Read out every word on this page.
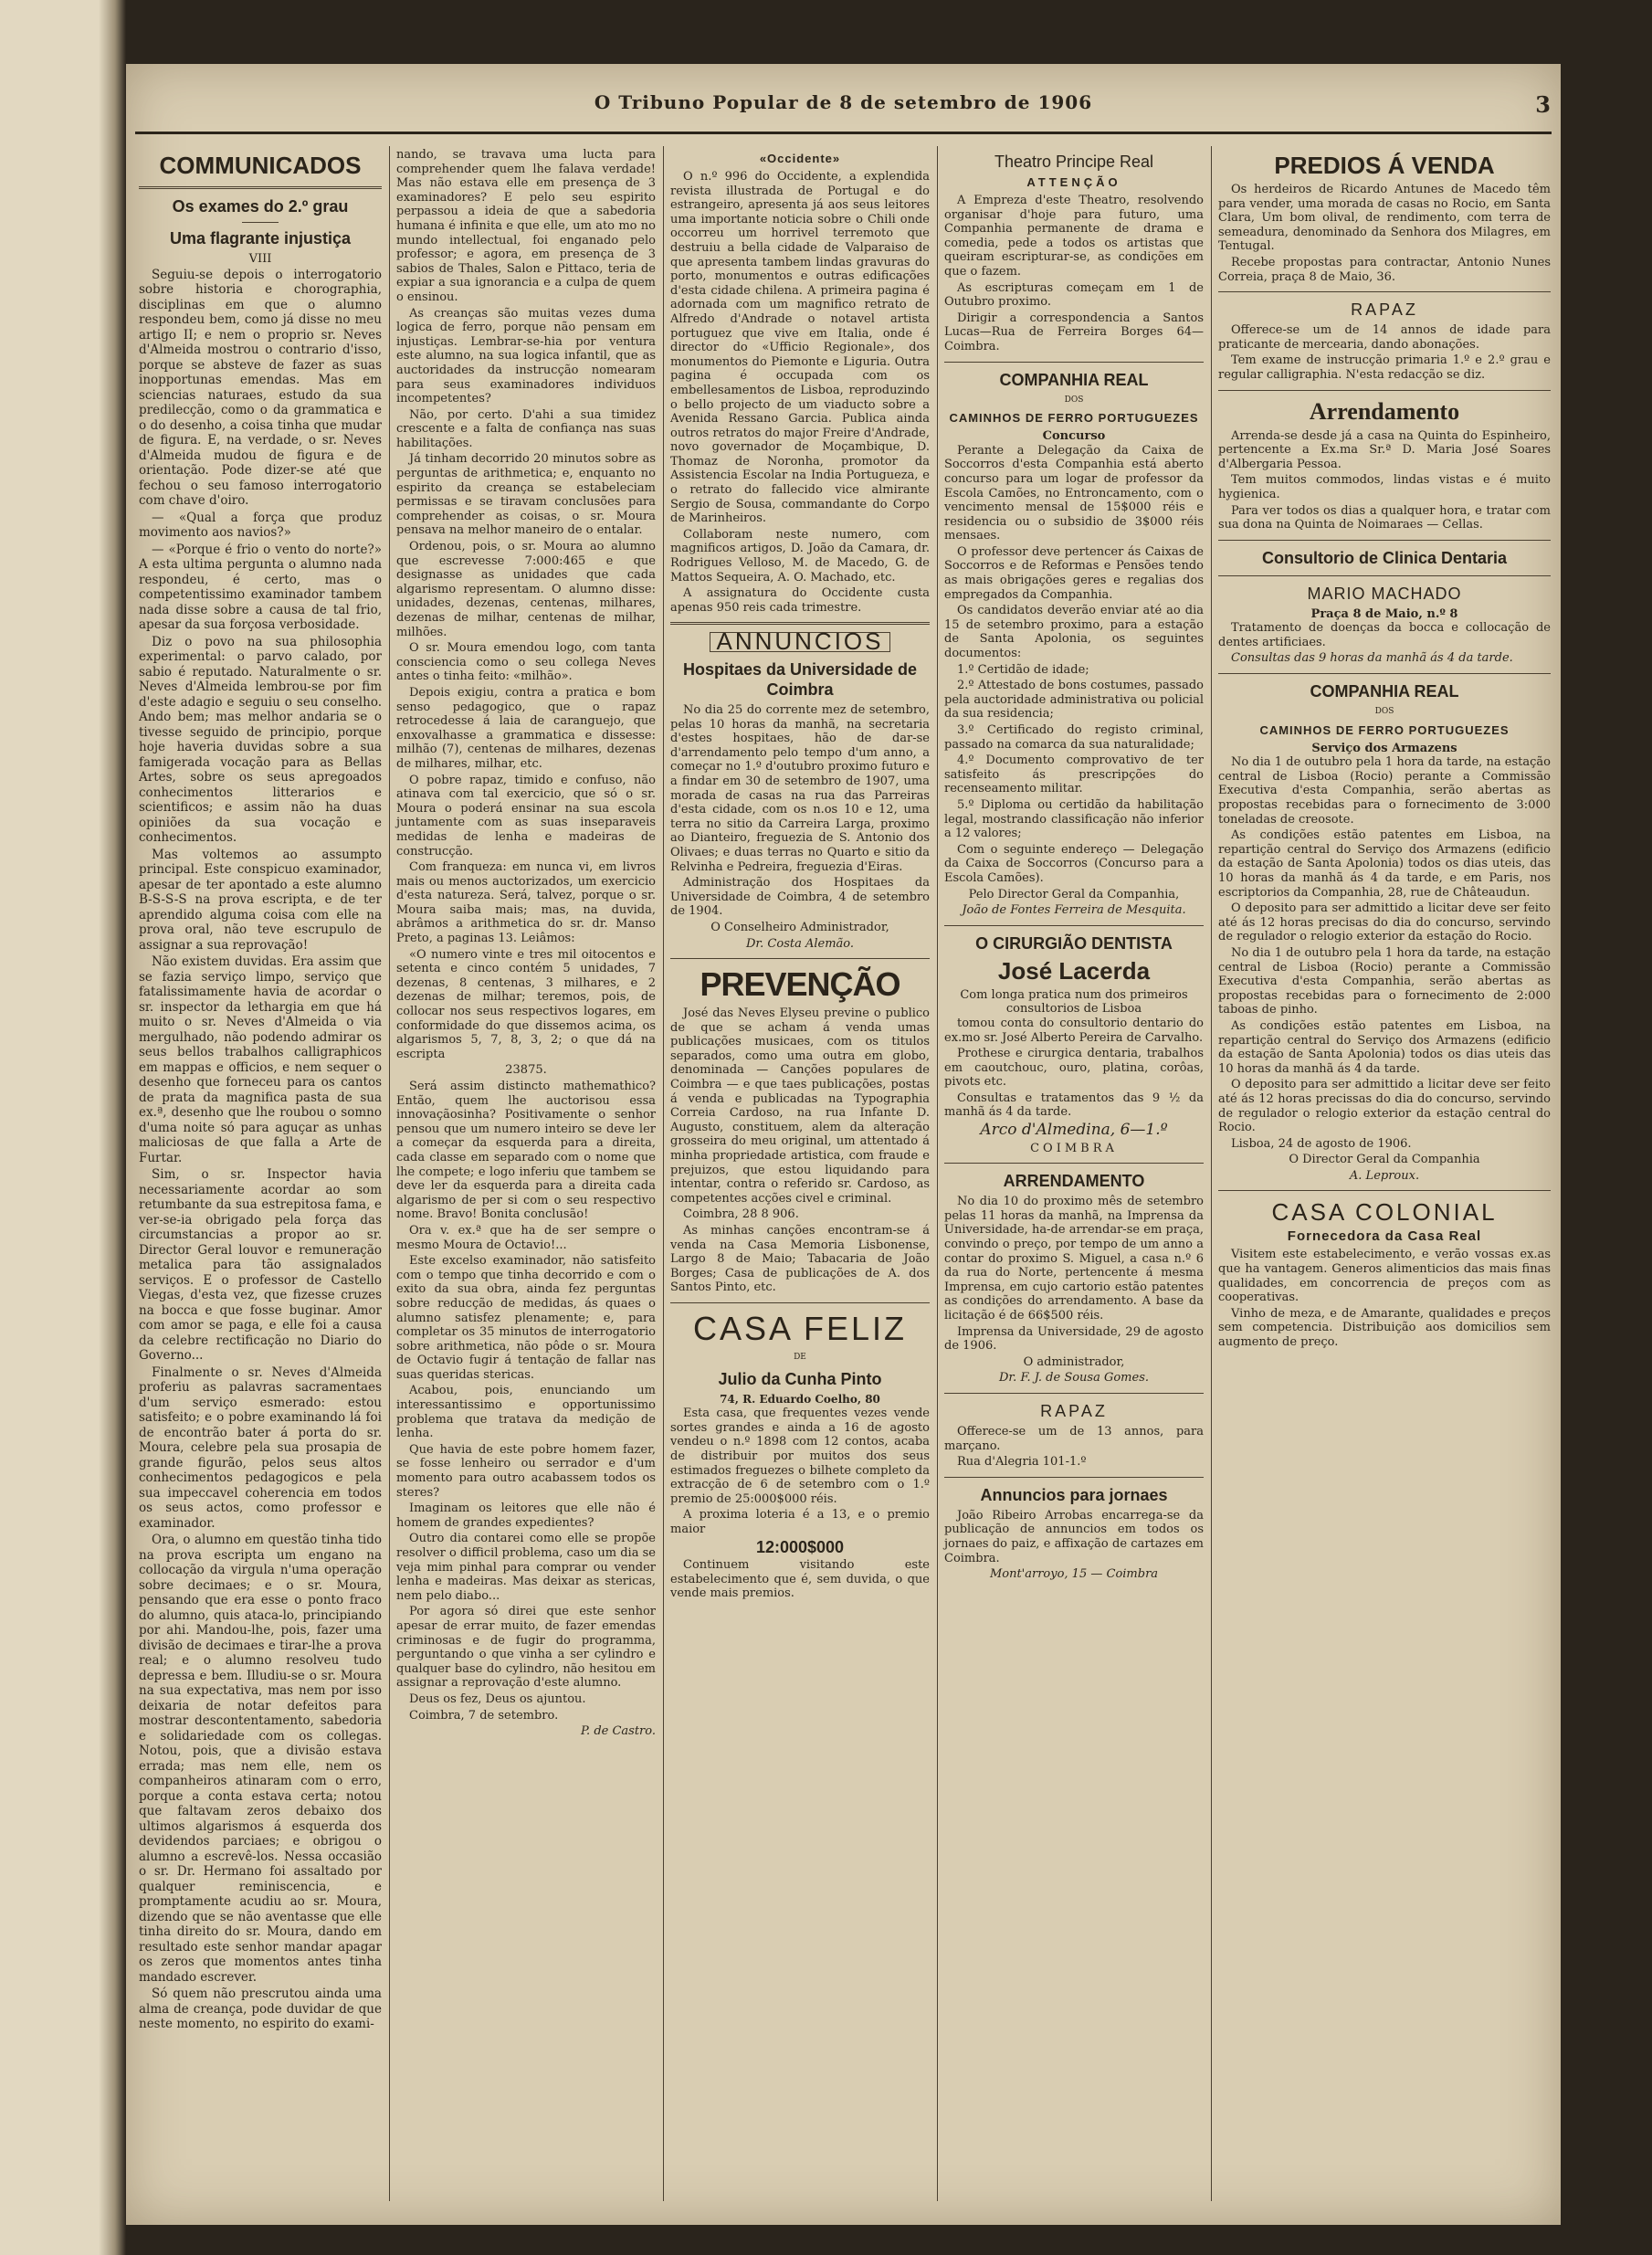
O Tribuno Popular de 8 de setembro de 1906	3
COMMUNICADOS
Os exames do 2.º grau
Uma flagrante injustiça
VIII

Seguiu-se depois o interrogatorio sobre historia e chorographia, disciplinas em que o alumno respondeu bem, como já disse no meu artigo II; e nem o proprio sr. Neves d'Almeida mostrou o contrario d'isso, porque se absteve de fazer as suas inopportunas emendas. Mas em sciencias naturaes, estudo da sua predilecção, como o da grammatica e o do desenho, a coisa tinha que mudar de figura. E, na verdade, o sr. Neves d'Almeida mudou de figura e de orientação. Pode dizer-se até que fechou o seu famoso interrogatorio com chave d'oiro.

— «Qual a força que produz movimento aos navios?»

— «Porque é frio o vento do norte?» A esta ultima pergunta o alumno nada respondeu, é certo, mas o competentissimo examinador tambem nada disse sobre a causa de tal frio, apesar da sua forçosa verbosidade.

Diz o povo na sua philosophia experimental: o parvo calado, por sabio é reputado. Naturalmente o sr. Neves d'Almeida lembrou-se por fim d'este adagio e seguiu o seu conselho. Ando bem; mas melhor andaria se o tivesse seguido de principio, porque hoje haveria duvidas sobre a sua famigerada vocação para as Bellas Artes, sobre os seus apregoados conhecimentos litterarios e scientificos; e assim não ha duas opiniões da sua vocação e conhecimentos.

Mas voltemos ao assumpto principal. Este conspicuo examinador, apesar de ter apontado a este alumno B-S-S-S na prova escripta, e de ter aprendido alguma coisa com elle na prova oral, não teve escrupulo de assignar a sua reprovação!

Não existem duvidas. Era assim que se fazia serviço limpo, serviço que fatalissimamente havia de acordar o sr. inspector da lethargia em que há muito o sr. Neves d'Almeida o via mergulhado, não podendo admirar os seus bellos trabalhos calligraphicos em mappas e officios, e nem sequer o desenho que forneceu para os cantos de prata da magnifica pasta de sua ex.ª, desenho que lhe roubou o somno d'uma noite só para aguçar as unhas maliciosas de que falla a Arte de Furtar.

Sim, o sr. Inspector havia necessariamente acordar ao som retumbante da sua estrepitosa fama, e ver-se-ia obrigado pela força das circumstancias a propor ao sr. Director Geral louvor e remuneração metalica para tão assignalados serviços. E o professor de Castello Viegas, d'esta vez, que fizesse cruzes na bocca e que fosse buginar. Amor com amor se paga, e elle foi a causa da celebre rectificação no Diario do Governo...

Finalmente o sr. Neves d'Almeida proferiu as palavras sacramentaes d'um serviço esmerado: estou satisfeito; e o pobre examinando lá foi de encontrão bater á porta do sr. Moura, celebre pela sua prosapia de grande figurão, pelos seus altos conhecimentos pedagogicos e pela sua impeccavel coherencia em todos os seus actos, como professor e examinador.

Ora, o alumno em questão tinha tido na prova escripta um engano na collocação da virgula n'uma operação sobre decimaes; e o sr. Moura, pensando que era esse o ponto fraco do alumno, quis ataca-lo, principiando por ahi. Mandou-lhe, pois, fazer uma divisão de decimaes e tirar-lhe a prova real; e o alumno resolveu tudo depressa e bem. Illudiu-se o sr. Moura na sua expectativa, mas nem por isso deixaria de notar defeitos para mostrar descontentamento, sabedoria e solidariedade com os collegas. Notou, pois, que a divisão estava errada; mas nem elle, nem os companheiros atinaram com o erro, porque a conta estava certa; notou que faltavam zeros debaixo dos ultimos algarismos á esquerda dos devidendos parciaes; e obrigou o alumno a escrevê-los. Nessa occasião o sr. Dr. Hermano foi assaltado por qualquer reminiscencia, e promptamente acudiu ao sr. Moura, dizendo que se não aventasse que elle tinha direito do sr. Moura, dando em resultado este senhor mandar apagar os zeros que momentos antes tinha mandado escrever.

Só quem não prescrutou ainda uma alma de creança, pode duvidar de que neste momento, no espirito do exami-

nando, se travava uma lucta para comprehender quem lhe falava verdade! Mas não estava elle em presença de 3 examinadores? E pelo seu espirito perpassou a ideia de que a sabedoria humana é infinita e que elle, um ato mo no mundo intellectual, foi enganado pelo professor; e agora, em presença de 3 sabios de Thales, Salon e Pittaco, teria de expiar a sua ignorancia e a culpa de quem o ensinou.

As creanças são muitas vezes duma logica de ferro, porque não pensam em injustiças. Lembrar-se-hia por ventura este alumno, na sua logica infantil, que as auctoridades da instrucção nomearam para seus examinadores individuos incompetentes?

Não, por certo. D'ahi a sua timidez crescente e a falta de confiança nas suas habilitações.

Já tinham decorrido 20 minutos sobre as perguntas de arithmetica; e, enquanto no espirito da creança se estabeleciam permissas e se tiravam conclusões para comprehender as coisas, o sr. Moura pensava na melhor maneiro de o entalar.

Ordenou, pois, o sr. Moura ao alumno que escrevesse 7:000:465 e que designasse as unidades que cada algarismo representam. O alumno disse: unidades, dezenas, centenas, milhares, dezenas de milhar, centenas de milhar, milhões.

O sr. Moura emendou logo, com tanta consciencia como o seu collega Neves antes o tinha feito: «milhão».

Depois exigiu, contra a pratica e bom senso pedagogico, que o rapaz retrocedesse á laia de caranguejo, que enxovalhasse a grammatica e dissesse: milhão (7), centenas de milhares, dezenas de milhares, milhar, etc.

O pobre rapaz, timido e confuso, não atinava com tal exercicio, que só o sr. Moura o poderá ensinar na sua escola juntamente com as suas inseparaveis medidas de lenha e madeiras de construcção.

Com franqueza: em nunca vi, em livros mais ou menos auctorizados, um exercicio d'esta natureza. Será, talvez, porque o sr. Moura saiba mais; mas, na duvida, abrâmos a arithmetica do sr. dr. Manso Preto, a paginas 13. Leiâmos:

«O numero vinte e tres mil oitocentos e setenta e cinco contém 5 unidades, 7 dezenas, 8 centenas, 3 milhares, e 2 dezenas de milhar; teremos, pois, de collocar nos seus respectivos logares, em conformidade do que dissemos acima, os algarismos 5, 7, 8, 3, 2; o que dá na escripta

23875.

Será assim distincto mathemathico? Então, quem lhe auctorisou essa innovaçãosinha? Positivamente o senhor pensou que um numero inteiro se deve ler a começar da esquerda para a direita, cada classe em separado com o nome que lhe compete; e logo inferiu que tambem se deve ler da esquerda para a direita cada algarismo de per si com o seu respectivo nome. Bravo! Bonita conclusão!

Ora v. ex.ª que ha de ser sempre o mesmo Moura de Octavio!...

Este excelso examinador, não satisfeito com o tempo que tinha decorrido e com o exito da sua obra, ainda fez perguntas sobre reducção de medidas, ás quaes o alumno satisfez plenamente; e, para completar os 35 minutos de interrogatorio sobre arithmetica, não pôde o sr. Moura de Octavio fugir á tentação de fallar nas suas queridas stericas.

Acabou, pois, enunciando um interessantissimo e opportunissimo problema que tratava da medição de lenha.

Que havia de este pobre homem fazer, se fosse lenheiro ou serrador e d'um momento para outro acabassem todos os steres?

Imaginam os leitores que elle não é homem de grandes expedientes?

Outro dia contarei como elle se propõe resolver o difficil problema, caso um dia se veja mim pinhal para comprar ou vender lenha e madeiras. Mas deixar as stericas, nem pelo diabo...

Por agora só direi que este senhor apesar de errar muito, de fazer emendas criminosas e de fugir do programma, perguntando o que vinha a ser cylindro e qualquer base do cylindro, não hesitou em assignar a reprovação d'este alumno.

Deus os fez, Deus os ajuntou.

Coimbra, 7 de setembro.

P. de Castro.

«Occidente»

O n.º 996 do Occidente, a explendida revista illustrada de Portugal e do estrangeiro, apresenta já aos seus leitores uma importante noticia sobre o Chili onde occorreu um horrivel terremoto que destruiu a bella cidade de Valparaiso de que apresenta tambem lindas gravuras do porto, monumentos e outras edificações d'esta cidade chilena. A primeira pagina é adornada com um magnifico retrato de Alfredo d'Andrade o notavel artista portuguez que vive em Italia, onde é director do «Ufficio Regionale», dos monumentos do Piemonte e Liguria. Outra pagina é occupada com os embellesamentos de Lisboa, reproduzindo o bello projecto de um viaducto sobre a Avenida Ressano Garcia. Publica ainda outros retratos do major Freire d'Andrade, novo governador de Moçambique, D. Thomaz de Noronha, promotor da Assistencia Escolar na India Portugueza, e o retrato do fallecido vice almirante Sergio de Sousa, commandante do Corpo de Marinheiros.

Collaboram neste numero, com magnificos artigos, D. João da Camara, dr. Rodrigues Velloso, M. de Macedo, G. de Mattos Sequeira, A. O. Machado, etc.

A assignatura do Occidente custa apenas 950 reis cada trimestre.

ANNUNCIOS
Hospitaes da Universidade de Coimbra

No dia 25 do corrente mez de setembro, pelas 10 horas da manhã, na secretaria d'estes hospitaes, hão de dar-se d'arrendamento pelo tempo d'um anno, a começar no 1.º d'outubro proximo futuro e a findar em 30 de setembro de 1907, uma morada de casas na rua das Parreiras d'esta cidade, com os n.os 10 e 12, uma terra no sitio da Carreira Larga, proximo ao Dianteiro, freguezia de S. Antonio dos Olivaes; e duas terras no Quarto e sitio da Relvinha e Pedreira, freguezia d'Eiras.

Administração dos Hospitaes da Universidade de Coimbra, 4 de setembro de 1904.

O Conselheiro Administrador,

Dr. Costa Alemão.

PREVENÇÃO

José das Neves Elyseu previne o publico de que se acham á venda umas publicações musicaes, com os titulos separados, como uma outra em globo, denominada — Canções populares de Coimbra — e que taes publicações, postas á venda e publicadas na Typographia Correia Cardoso, na rua Infante D. Augusto, constituem, alem da alteração grosseira do meu original, um attentado á minha propriedade artistica, com fraude e prejuizos, que estou liquidando para intentar, contra o referido sr. Cardoso, as competentes acções civel e criminal.

Coimbra, 28 8 906.

As minhas canções encontram-se á venda na Casa Memoria Lisbonense, Largo 8 de Maio; Tabacaria de João Borges; Casa de publicações de A. dos Santos Pinto, etc.

CASA FELIZ
DE
Julio da Cunha Pinto
74, R. Eduardo Coelho, 80

Esta casa, que frequentes vezes vende sortes grandes e ainda a 16 de agosto vendeu o n.º 1898 com 12 contos, acaba de distribuir por muitos dos seus estimados freguezes o bilhete completo da extracção de 6 de setembro com o 1.º premio de 25:000$000 réis.

A proxima loteria é a 13, e o premio maior

12:000$000

Continuem visitando este estabelecimento que é, sem duvida, o que vende mais premios.

Theatro Principe Real
ATTENÇÃO

A Empreza d'este Theatro, resolvendo organisar d'hoje para futuro, uma Companhia permanente de drama e comedia, pede a todos os artistas que queiram escripturar-se, as condições em que o fazem.

As escripturas começam em 1 de Outubro proximo.

Dirigir a correspondencia a Santos Lucas—Rua de Ferreira Borges 64—Coimbra.

COMPANHIA REAL
DOS
CAMINHOS DE FERRO PORTUGUEZES
Concurso

Perante a Delegação da Caixa de Soccorros d'esta Companhia está aberto concurso para um logar de professor da Escola Camões, no Entroncamento, com o vencimento mensal de 15$000 réis e residencia ou o subsidio de 3$000 réis mensaes.

O professor deve pertencer ás Caixas de Soccorros e de Reformas e Pensões tendo as mais obrigações geres e regalias dos empregados da Companhia.

Os candidatos deverão enviar até ao dia 15 de setembro proximo, para a estação de Santa Apolonia, os seguintes documentos:

1.º Certidão de idade;

2.º Attestado de bons costumes, passado pela auctoridade administrativa ou policial da sua residencia;

3.º Certificado do registo criminal, passado na comarca da sua naturalidade;

4.º Documento comprovativo de ter satisfeito ás prescripções do recenseamento militar.

5.º Diploma ou certidão da habilitação legal, mostrando classificação não inferior a 12 valores;

Com o seguinte endereço — Delegação da Caixa de Soccorros (Concurso para a Escola Camões).

Pelo Director Geral da Companhia,

João de Fontes Ferreira de Mesquita.

O CIRURGIÃO DENTISTA
José Lacerda
Com longa pratica num dos primeiros consultorios de Lisboa

tomou conta do consultorio dentario do ex.mo sr. José Alberto Pereira de Carvalho.

Prothese e cirurgica dentaria, trabalhos em caoutchouc, ouro, platina, corôas, pivots etc.

Consultas e tratamentos das 9 ½ da manhã ás 4 da tarde.

Arco d'Almedina, 6—1.º
COIMBRA
ARRENDAMENTO

No dia 10 do proximo mês de setembro pelas 11 horas da manhã, na Imprensa da Universidade, ha-de arrendar-se em praça, convindo o preço, por tempo de um anno a contar do proximo S. Miguel, a casa n.º 6 da rua do Norte, pertencente á mesma Imprensa, em cujo cartorio estão patentes as condições do arrendamento. A base da licitação é de 66$500 réis.

Imprensa da Universidade, 29 de agosto de 1906.

O administrador,

Dr. F. J. de Sousa Gomes.

RAPAZ

Offerece-se um de 13 annos, para marçano.

Rua d'Alegria 101-1.º

Annuncios para jornaes

João Ribeiro Arrobas encarrega-se da publicação de annuncios em todos os jornaes do paiz, e affixação de cartazes em Coimbra.

Mont'arroyo, 15 — Coimbra

PREDIOS Á VENDA

Os herdeiros de Ricardo Antunes de Macedo têm para vender, uma morada de casas no Rocio, em Santa Clara, Um bom olival, de rendimento, com terra de semeadura, denominado da Senhora dos Milagres, em Tentugal.

Recebe propostas para contractar, Antonio Nunes Correia, praça 8 de Maio, 36.

RAPAZ

Offerece-se um de 14 annos de idade para praticante de mercearia, dando abonações.

Tem exame de instrucção primaria 1.º e 2.º grau e regular calligraphia. N'esta redacção se diz.

Arrendamento

Arrenda-se desde já a casa na Quinta do Espinheiro, pertencente a Ex.ma Sr.ª D. Maria José Soares d'Albergaria Pessoa.

Tem muitos commodos, lindas vistas e é muito hygienica.

Para ver todos os dias a qualquer hora, e tratar com sua dona na Quinta de Noimaraes — Cellas.

Consultorio de Clinica Dentaria
MARIO MACHADO
Praça 8 de Maio, n.º 8

Tratamento de doenças da bocca e collocação de dentes artificiaes.

Consultas das 9 horas da manhã ás 4 da tarde.

COMPANHIA REAL
DOS
CAMINHOS DE FERRO PORTUGUEZES
Serviço dos Armazens

No dia 1 de outubro pela 1 hora da tarde, na estação central de Lisboa (Rocio) perante a Commissão Executiva d'esta Companhia, serão abertas as propostas recebidas para o fornecimento de 3:000 toneladas de creosote.

As condições estão patentes em Lisboa, na repartição central do Serviço dos Armazens (edificio da estação de Santa Apolonia) todos os dias uteis, das 10 horas da manhã ás 4 da tarde, e em Paris, nos escriptorios da Companhia, 28, rue de Châteaudun.

O deposito para ser admittido a licitar deve ser feito até ás 12 horas precisas do dia do concurso, servindo de regulador o relogio exterior da estação do Rocio.

No dia 1 de outubro pela 1 hora da tarde, na estação central de Lisboa (Rocio) perante a Commissão Executiva d'esta Companhia, serão abertas as propostas recebidas para o fornecimento de 2:000 taboas de pinho.

As condições estão patentes em Lisboa, na repartição central do Serviço dos Armazens (edificio da estação de Santa Apolonia) todos os dias uteis das 10 horas da manhã ás 4 da tarde.

O deposito para ser admittido a licitar deve ser feito até ás 12 horas precissas do dia do concurso, servindo de regulador o relogio exterior da estação central do Rocio.

Lisboa, 24 de agosto de 1906.

O Director Geral da Companhia

A. Leproux.

CASA COLONIAL
Fornecedora da Casa Real

Visitem este estabelecimento, e verão vossas ex.as que ha vantagem. Generos alimenticios das mais finas qualidades, em concorrencia de preços com as cooperativas.

Vinho de meza, e de Amarante, qualidades e preços sem competencia. Distribuição aos domicilios sem augmento de preço.
